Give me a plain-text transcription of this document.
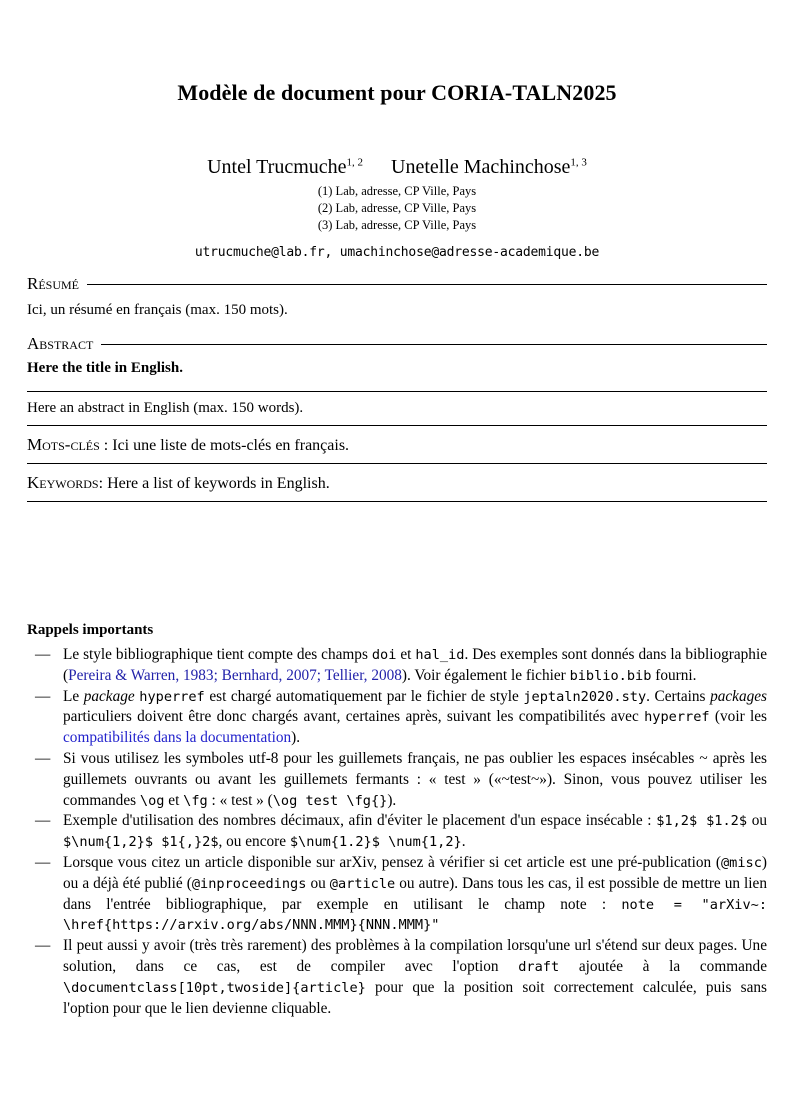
Modèle de document pour CORIA-TALN2025
Untel Trucmuche$^{1, 2}$ Unetelle Machinchose$^{1, 3}$
(1) Lab, adresse, CP Ville, Pays
(2) Lab, adresse, CP Ville, Pays
(3) Lab, adresse, CP Ville, Pays
utrucmuche@lab.fr, umachinchose@adresse-academique.be
Résumé
Ici, un résumé en français (max. 150 mots).
Abstract
Here the title in English.
Here an abstract in English (max. 150 words).
Mots-clés : Ici une liste de mots-clés en français.
Keywords: Here a list of keywords in English.
Rappels importants
— Le style bibliographique tient compte des champs doi et hal_id. Des exemples sont donnés dans la bibliographie (Pereira & Warren, 1983; Bernhard, 2007; Tellier, 2008). Voir également le fichier biblio.bib fourni.
— Le package hyperref est chargé automatiquement par le fichier de style jeptaln2020.sty. Certains packages particuliers doivent être donc chargés avant, certaines après, suivant les compatibilités avec hyperref (voir les compatibilités dans la documentation).
— Si vous utilisez les symboles utf-8 pour les guillemets français, ne pas oublier les espaces insécables ~ après les guillemets ouvrants ou avant les guillemets fermants : « test » («~test~»). Sinon, vous pouvez utiliser les commandes \og et \fg : « test » (\og test \fg{}).
— Exemple d'utilisation des nombres décimaux, afin d'éviter le placement d'un espace insécable : $1,2$ $1.2$ ou $\num{1,2}$ $1{,}2$, ou encore $\num{1.2}$ \num{1,2}.
— Lorsque vous citez un article disponible sur arXiv, pensez à vérifier si cet article est une pré-publication (@misc) ou a déjà été publié (@inproceedings ou @article ou autre). Dans tous les cas, il est possible de mettre un lien dans l'entrée bibliographique, par exemple en utilisant le champ note : note = "arXiv~: \href{https://arxiv.org/abs/NNN.MMM}{NNN.MMM}"
— Il peut aussi y avoir (très très rarement) des problèmes à la compilation lorsqu'une url s'étend sur deux pages. Une solution, dans ce cas, est de compiler avec l'option draft ajoutée à la commande \documentclass[10pt,twoside]{article} pour que la position soit correctement calculée, puis sans l'option pour que le lien devienne cliquable.
